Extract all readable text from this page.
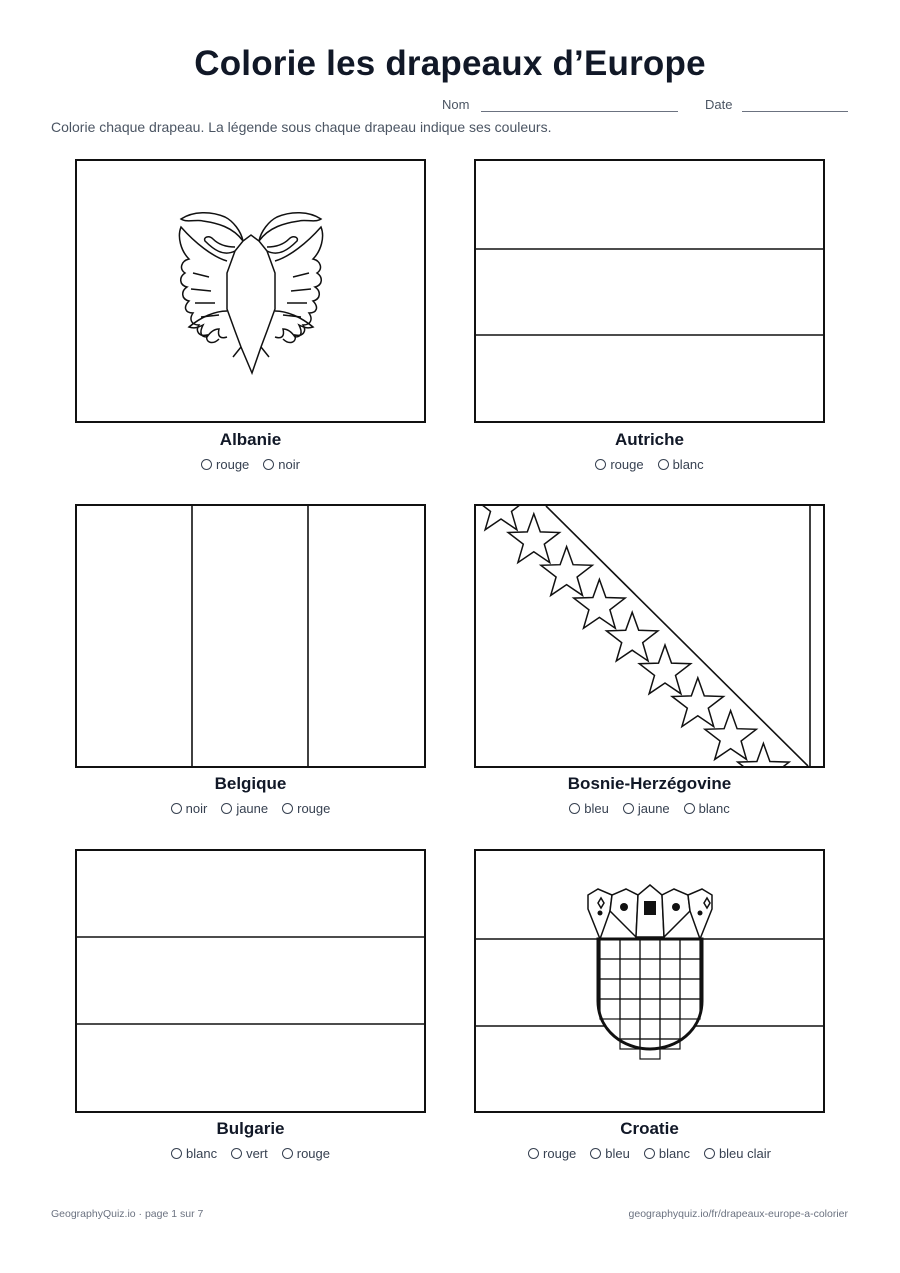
Colorie les drapeaux d’Europe
Nom	Date
Colorie chaque drapeau. La légende sous chaque drapeau indique ses couleurs.
Albanie
rouge noir
Autriche
rouge blanc
Belgique
noir jaune rouge
Bosnie-Herzégovine
bleu jaune blanc
Bulgarie
blanc vert rouge
Croatie
rouge bleu blanc bleu clair
GeographyQuiz.io · page 1 sur 7	geographyquiz.io/fr/drapeaux-europe-a-colorier
